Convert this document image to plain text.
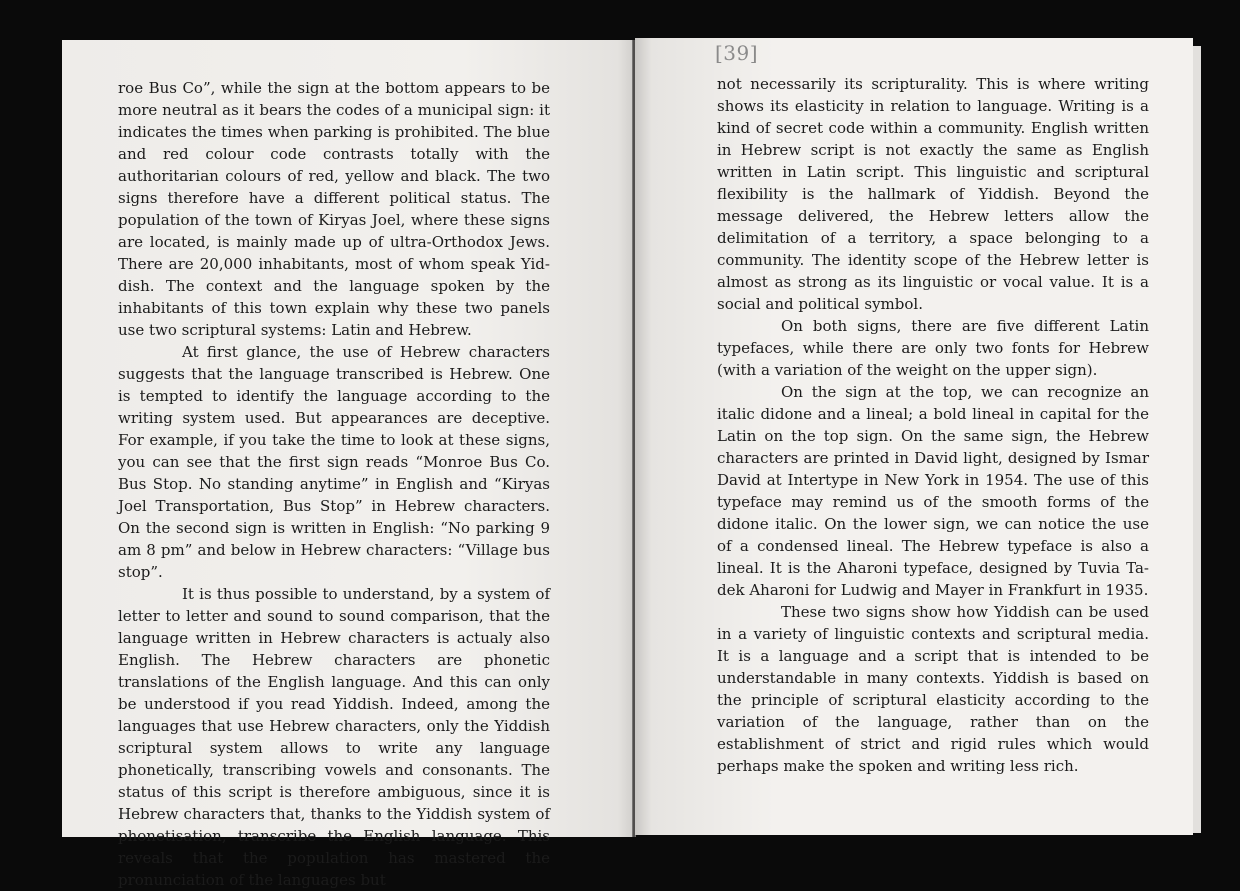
roe Bus Co”, while the sign at the bottom appears to be more neutral as it bears the codes of a municipal sign: it indicates the times when parking is prohibited. The blue and red colour code contrasts totally with the authoritarian colours of red, yellow and black. The two signs therefore have a different political status. The population of the town of Kiryas Joel, where these signs are located, is mainly made up of ultra-Orthodox Jews. There are 20,000 inhabitants, most of whom speak Yiddish. The context and the language spoken by the inhabitants of this town explain why these two panels use two scriptural systems: Latin and Hebrew.

At first glance, the use of Hebrew characters suggests that the language transcribed is Hebrew. One is tempted to identify the language according to the writing system used. But appearances are deceptive. For example, if you take the time to look at these signs, you can see that the first sign reads “Monroe Bus Co. Bus Stop. No standing anytime” in English and “Kiryas Joel Transportation, Bus Stop” in Hebrew characters. On the second sign is written in English: “No parking 9 am 8 pm” and below in Hebrew characters: “Village bus stop”.

It is thus possible to understand, by a system of letter to letter and sound to sound comparison, that the language written in Hebrew characters is actualy also English. The Hebrew characters are phonetic translations of the English language. And this can only be understood if you read Yiddish. Indeed, among the languages that use Hebrew characters, only the Yiddish scriptural system allows to write any language phonetically, transcribing vowels and consonants. The status of this script is therefore ambiguous, since it is Hebrew characters that, thanks to the Yiddish system of phonetisation, transcribe the English language. This reveals that the population has mastered the pronunciation of the languages but

[39]

not necessarily its scripturality. This is where writing shows its elasticity in relation to language. Writing is a kind of secret code within a community. English written in Hebrew script is not exactly the same as English written in Latin script. This linguistic and scriptural flexibility is the hallmark of Yiddish. Beyond the message delivered, the Hebrew letters allow the delimitation of a territory, a space belonging to a community. The identity scope of the Hebrew letter is almost as strong as its linguistic or vocal value. It is a social and political symbol.

On both signs, there are five different Latin typefaces, while there are only two fonts for Hebrew (with a variation of the weight on the upper sign).

On the sign at the top, we can recognize an italic didone and a lineal; a bold lineal in capital for the Latin on the top sign. On the same sign, the Hebrew characters are printed in David light, designed by Ismar David at Intertype in New York in 1954. The use of this typeface may remind us of the smooth forms of the didone italic. On the lower sign, we can notice the use of a condensed lineal. The Hebrew typeface is also a lineal. It is the Aharoni typeface, designed by Tuvia Tadek Aharoni for Ludwig and Mayer in Frankfurt in 1935.

These two signs show how Yiddish can be used in a variety of linguistic contexts and scriptural media. It is a language and a script that is intended to be understandable in many contexts. Yiddish is based on the principle of scriptural elasticity according to the variation of the language, rather than on the establishment of strict and rigid rules which would perhaps make the spoken and writing less rich.
